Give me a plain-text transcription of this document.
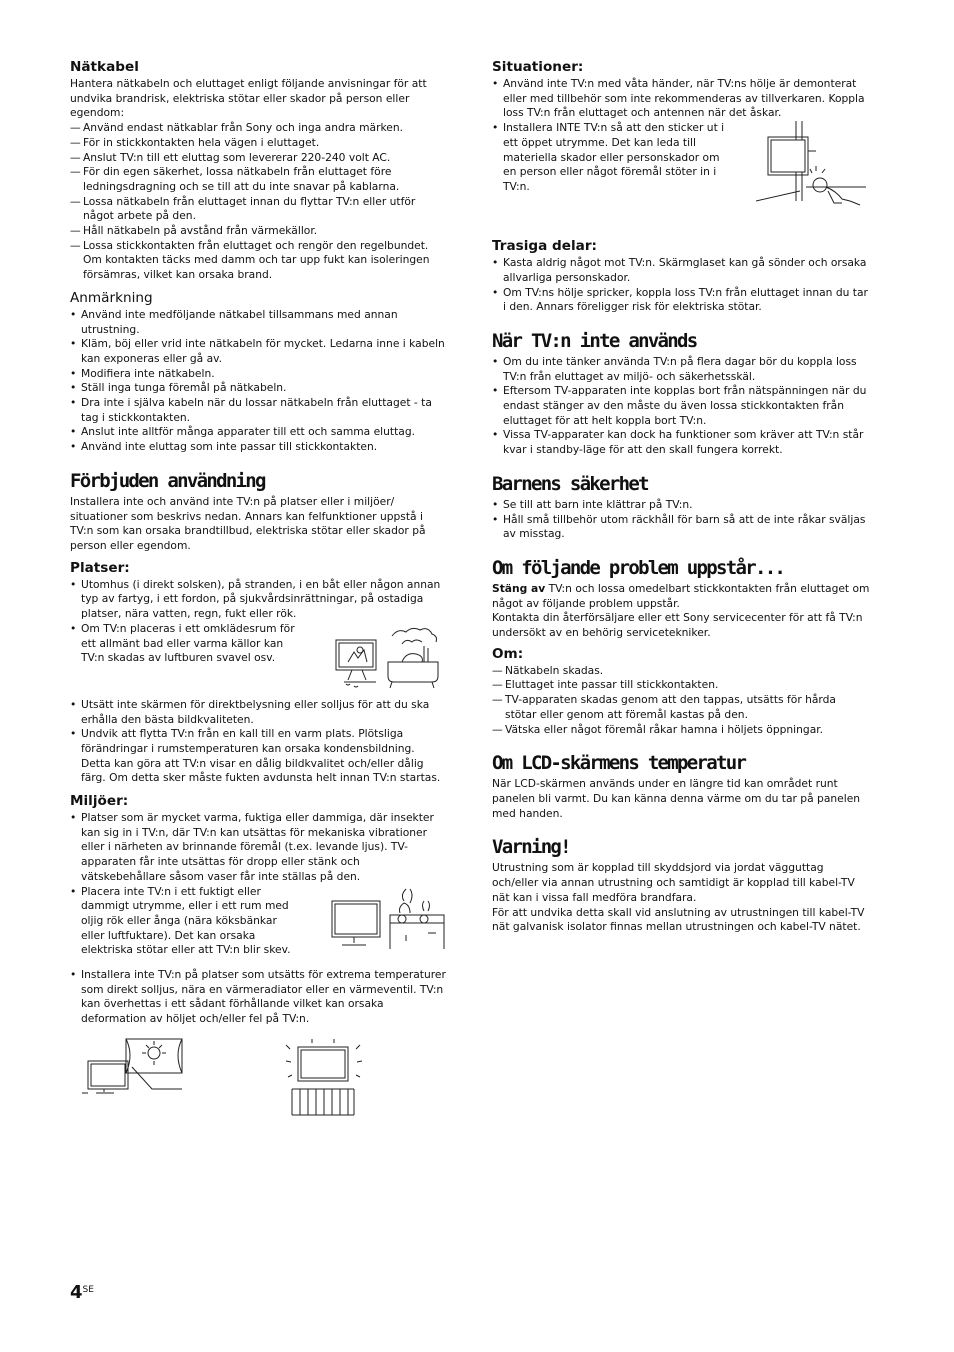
Nätkabel

Hantera nätkabeln och eluttaget enligt följande anvisningar för att undvika brandrisk, elektriska stötar eller skador på person eller egendom:

— Använd endast nätkablar från Sony och inga andra märken.
— För in stickkontakten hela vägen i eluttaget.
— Anslut TV:n till ett eluttag som levererar 220-240 volt AC.
— För din egen säkerhet, lossa nätkabeln från eluttaget före ledningsdragning och se till att du inte snavar på kablarna.
— Lossa nätkabeln från eluttaget innan du flyttar TV:n eller utför något arbete på den.
— Håll nätkabeln på avstånd från värmekällor.
— Lossa stickkontakten från eluttaget och rengör den regelbundet. Om kontakten täcks med damm och tar upp fukt kan isoleringen försämras, vilket kan orsaka brand.
Anmärkning
• Använd inte medföljande nätkabel tillsammans med annan utrustning.
• Kläm, böj eller vrid inte nätkabeln för mycket. Ledarna inne i kabeln kan exponeras eller gå av.
• Modifiera inte nätkabeln.
• Ställ inga tunga föremål på nätkabeln.
• Dra inte i själva kabeln när du lossar nätkabeln från eluttaget - ta tag i stickkontakten.
• Anslut inte alltför många apparater till ett och samma eluttag.
• Använd inte eluttag som inte passar till stickkontakten.
Förbjuden användning

Installera inte och använd inte TV:n på platser eller i miljöer/ situationer som beskrivs nedan. Annars kan felfunktioner uppstå i TV:n som kan orsaka brandtillbud, elektriska stötar eller skador på person eller egendom.

Platser:
• Utomhus (i direkt solsken), på stranden, i en båt eller någon annan typ av fartyg, i ett fordon, på sjukvårdsinrättningar, på ostadiga platser, nära vatten, regn, fukt eller rök.
• Om TV:n placeras i ett omklädesrum för ett allmänt bad eller varma källor kan TV:n skadas av luftburen svavel osv.
• Utsätt inte skärmen för direktbelysning eller solljus för att du ska erhålla den bästa bildkvaliteten.
• Undvik att flytta TV:n från en kall till en varm plats. Plötsliga förändringar i rumstemperaturen kan orsaka kondensbildning. Detta kan göra att TV:n visar en dålig bildkvalitet och/eller dålig färg. Om detta sker måste fukten avdunsta helt innan TV:n startas.
Miljöer:
• Platser som är mycket varma, fuktiga eller dammiga, där insekter kan sig in i TV:n, där TV:n kan utsättas för mekaniska vibrationer eller i närheten av brinnande föremål (t.ex. levande ljus). TV-apparaten får inte utsättas för dropp eller stänk och vätskebehållare såsom vaser får inte ställas på den.
• Placera inte TV:n i ett fuktigt eller dammigt utrymme, eller i ett rum med oljig rök eller ånga (nära köksbänkar eller luftfuktare). Det kan orsaka elektriska stötar eller att TV:n blir skev.
• Installera inte TV:n på platser som utsätts för extrema temperaturer som direkt solljus, nära en värmeradiator eller en värmeventil. TV:n kan överhettas i ett sådant förhållande vilket kan orsaka deformation av höljet och/eller fel på TV:n.
Situationer:
• Använd inte TV:n med våta händer, när TV:ns hölje är demonterat eller med tillbehör som inte rekommenderas av tillverkaren. Koppla loss TV:n från eluttaget och antennen när det åskar.
• Installera INTE TV:n så att den sticker ut i ett öppet utrymme. Det kan leda till materiella skador eller personskador om en person eller något föremål stöter in i TV:n.
Trasiga delar:
• Kasta aldrig något mot TV:n. Skärmglaset kan gå sönder och orsaka allvarliga personskador.
• Om TV:ns hölje spricker, koppla loss TV:n från eluttaget innan du tar i den. Annars föreligger risk för elektriska stötar.
När TV:n inte används
• Om du inte tänker använda TV:n på flera dagar bör du koppla loss TV:n från eluttaget av miljö- och säkerhetsskäl.
• Eftersom TV-apparaten inte kopplas bort från nätspänningen när du endast stänger av den måste du även lossa stickkontakten från eluttaget för att helt koppla bort TV:n.
• Vissa TV-apparater kan dock ha funktioner som kräver att TV:n står kvar i standby-läge för att den skall fungera korrekt.
Barnens säkerhet
• Se till att barn inte klättrar på TV:n.
• Håll små tillbehör utom räckhåll för barn så att de inte råkar sväljas av misstag.
Om följande problem uppstår...

Stäng av TV:n och lossa omedelbart stickkontakten från eluttaget om något av följande problem uppstår.

Kontakta din återförsäljare eller ett Sony servicecenter för att få TV:n undersökt av en behörig servicetekniker.

Om:
— Nätkabeln skadas.
— Eluttaget inte passar till stickkontakten.
— TV-apparaten skadas genom att den tappas, utsätts för hårda stötar eller genom att föremål kastas på den.
— Vätska eller något föremål råkar hamna i höljets öppningar.
Om LCD-skärmens temperatur

När LCD-skärmen används under en längre tid kan området runt panelen bli varmt. Du kan känna denna värme om du tar på panelen med handen.

Varning!

Utrustning som är kopplad till skyddsjord via jordat vägguttag och/eller via annan utrustning och samtidigt är kopplad till kabel-TV nät kan i vissa fall medföra brandfara.

För att undvika detta skall vid anslutning av utrustningen till kabel-TV nät galvanisk isolator finnas mellan utrustningen och kabel-TV nätet.

$4^{SE}$
